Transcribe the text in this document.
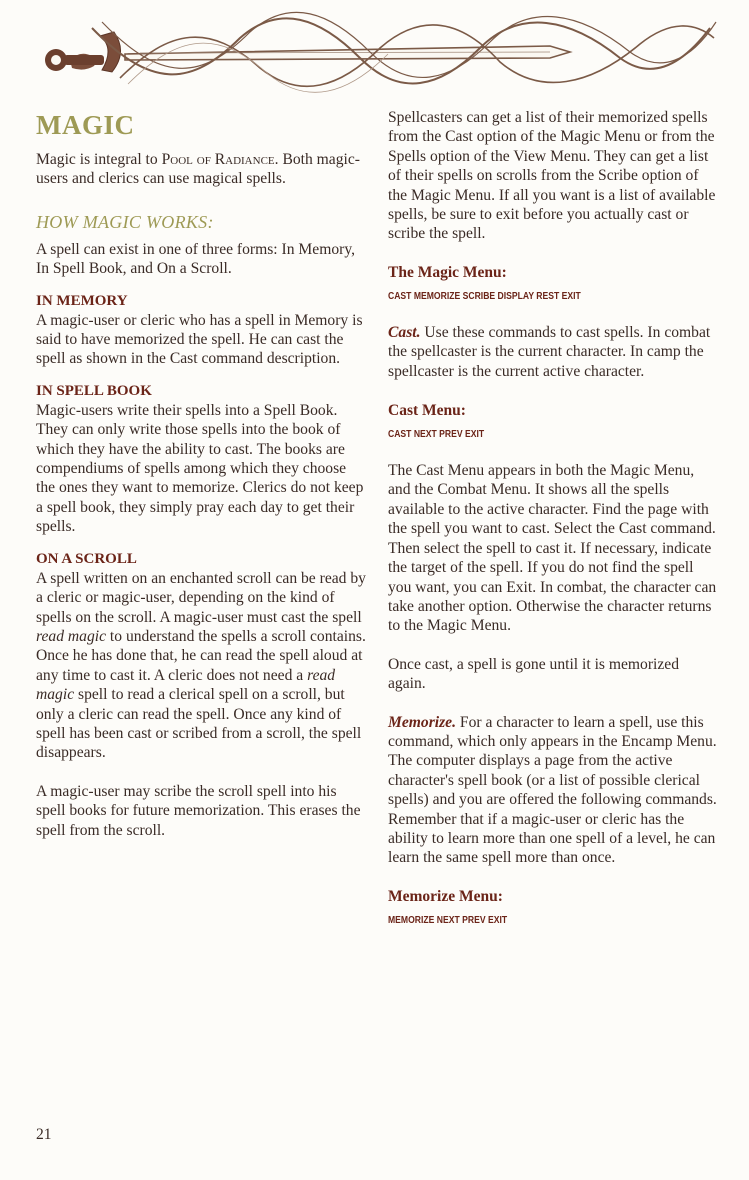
MAGIC

Magic is integral to Pool of Radiance. Both magic-users and clerics can use magical spells.

HOW MAGIC WORKS:

A spell can exist in one of three forms: In Memory, In Spell Book, and On a Scroll.

IN MEMORY

A magic-user or cleric who has a spell in Memory is said to have memorized the spell. He can cast the spell as shown in the Cast command description.

IN SPELL BOOK

Magic-users write their spells into a Spell Book. They can only write those spells into the book of which they have the ability to cast. The books are compendiums of spells among which they choose the ones they want to memorize. Clerics do not keep a spell book, they simply pray each day to get their spells.

ON A SCROLL

A spell written on an enchanted scroll can be read by a cleric or magic-user, depending on the kind of spells on the scroll. A magic-user must cast the spell read magic to understand the spells a scroll contains. Once he has done that, he can read the spell aloud at any time to cast it. A cleric does not need a read magic spell to read a clerical spell on a scroll, but only a cleric can read the spell. Once any kind of spell has been cast or scribed from a scroll, the spell disappears.

A magic-user may scribe the scroll spell into his spell books for future memorization. This erases the spell from the scroll.

Spellcasters can get a list of their memorized spells from the Cast option of the Magic Menu or from the Spells option of the View Menu. They can get a list of their spells on scrolls from the Scribe option of the Magic Menu. If all you want is a list of available spells, be sure to exit before you actually cast or scribe the spell.

The Magic Menu:
CAST MEMORIZE SCRIBE DISPLAY REST EXIT

Cast. Use these commands to cast spells. In combat the spellcaster is the current character. In camp the spellcaster is the current active character.

Cast Menu:
CAST NEXT PREV EXIT

The Cast Menu appears in both the Magic Menu, and the Combat Menu. It shows all the spells available to the active character. Find the page with the spell you want to cast. Select the Cast command. Then select the spell to cast it. If necessary, indicate the target of the spell. If you do not find the spell you want, you can Exit. In combat, the character can take another option. Otherwise the character returns to the Magic Menu.

Once cast, a spell is gone until it is memorized again.

Memorize. For a character to learn a spell, use this command, which only appears in the Encamp Menu. The computer displays a page from the active character's spell book (or a list of possible clerical spells) and you are offered the following commands. Remember that if a magic-user or cleric has the ability to learn more than one spell of a level, he can learn the same spell more than once.

Memorize Menu:
MEMORIZE NEXT PREV EXIT
21
